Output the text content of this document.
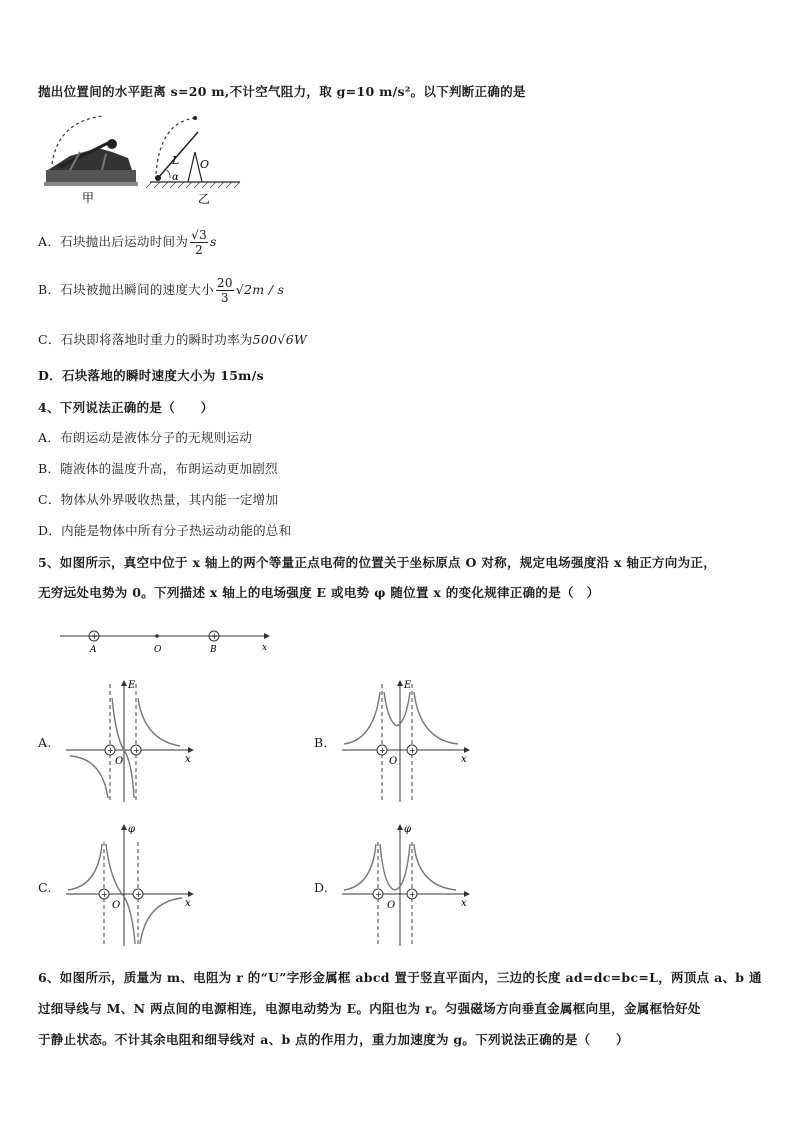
抛出位置间的水平距离 s=20 m,不计空气阻力，取 g=10 m/s²。以下判断正确的是
甲
L O
α
乙
A．石块抛出后运动时间为 $\frac{√3}{2}$ s
B．石块被抛出瞬间的速度大小 $\frac{20}{3} √2m$ / s
C．石块即将落地时重力的瞬时功率为500√6W
D．石块落地的瞬时速度大小为 15m/s
4、下列说法正确的是（　　）
A．布朗运动是液体分子的无规则运动
B．随液体的温度升高，布朗运动更加剧烈
C．物体从外界吸收热量，其内能一定增加
D．内能是物体中所有分子热运动动能的总和
5、如图所示，真空中位于 x 轴上的两个等量正点电荷的位置关于坐标原点 O 对称，规定电场强度沿 x 轴正方向为正，
无穷远处电势为 0。下列描述 x 轴上的电场强度 E 或电势 φ 随位置 x 的变化规律正确的是（　）
+	+
A	O	B	x
A.	B.
C.	D.
+ +
E
O	x
+	+
E
O	x
+	+
φ
O	x
+	+
φ
O	x
6、如图所示，质量为 m、电阻为 r 的“U”字形金属框 abcd 置于竖直平面内，三边的长度 ad=dc=bc=L，两顶点 a、b 通
过细导线与 M、N 两点间的电源相连，电源电动势为 E。内阻也为 r。匀强磁场方向垂直金属框向里，金属框恰好处
于静止状态。不计其余电阻和细导线对 a、b 点的作用力，重力加速度为 g。下列说法正确的是（　　）
